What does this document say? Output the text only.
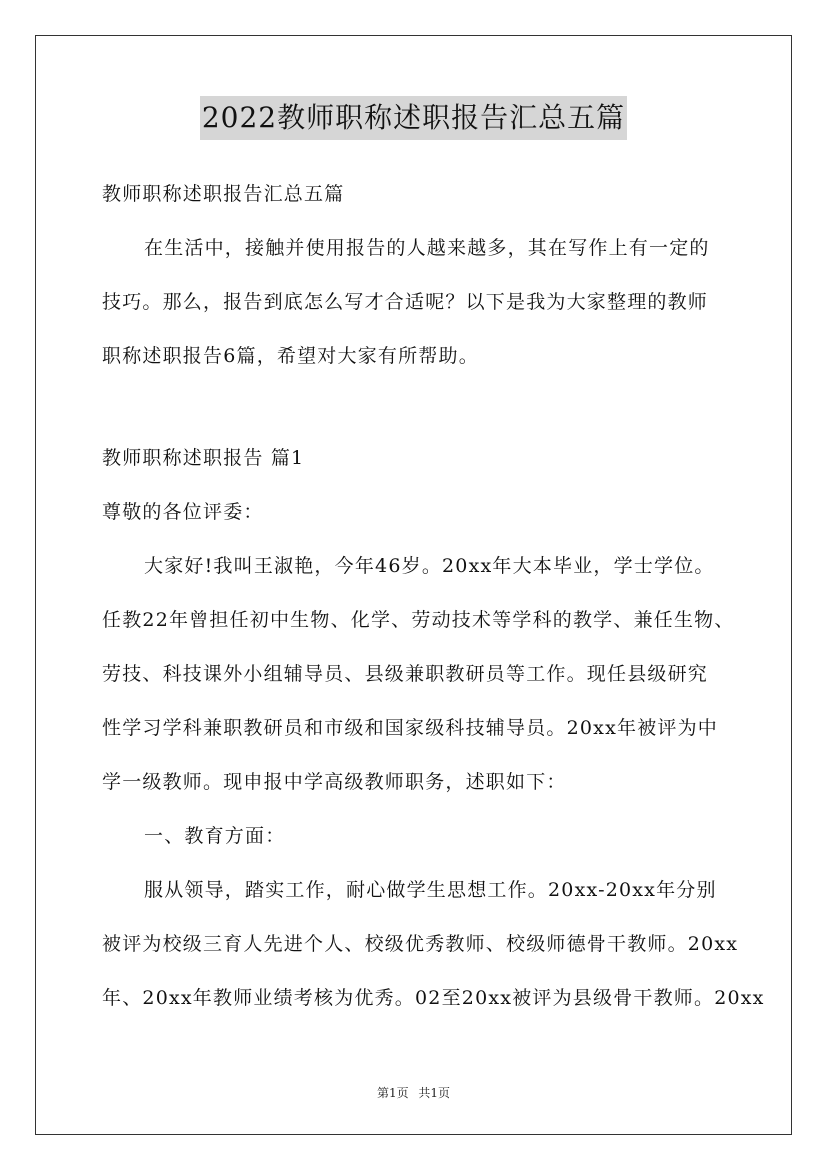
2022教师职称述职报告汇总五篇

教师职称述职报告汇总五篇

在生活中，接触并使用报告的人越来越多，其在写作上有一定的

技巧。那么，报告到底怎么写才合适呢？以下是我为大家整理的教师

职称述职报告6篇，希望对大家有所帮助。

教师职称述职报告 篇1

尊敬的各位评委：

大家好!我叫王淑艳，今年46岁。20xx年大本毕业，学士学位。

任教22年曾担任初中生物、化学、劳动技术等学科的教学、兼任生物、

劳技、科技课外小组辅导员、县级兼职教研员等工作。现任县级研究

性学习学科兼职教研员和市级和国家级科技辅导员。20xx年被评为中

学一级教师。现申报中学高级教师职务，述职如下：

一、教育方面：

服从领导，踏实工作，耐心做学生思想工作。20xx-20xx年分别

被评为校级三育人先进个人、校级优秀教师、校级师德骨干教师。20xx

年、20xx年教师业绩考核为优秀。02至20xx被评为县级骨干教师。20xx

第1页 共1页
